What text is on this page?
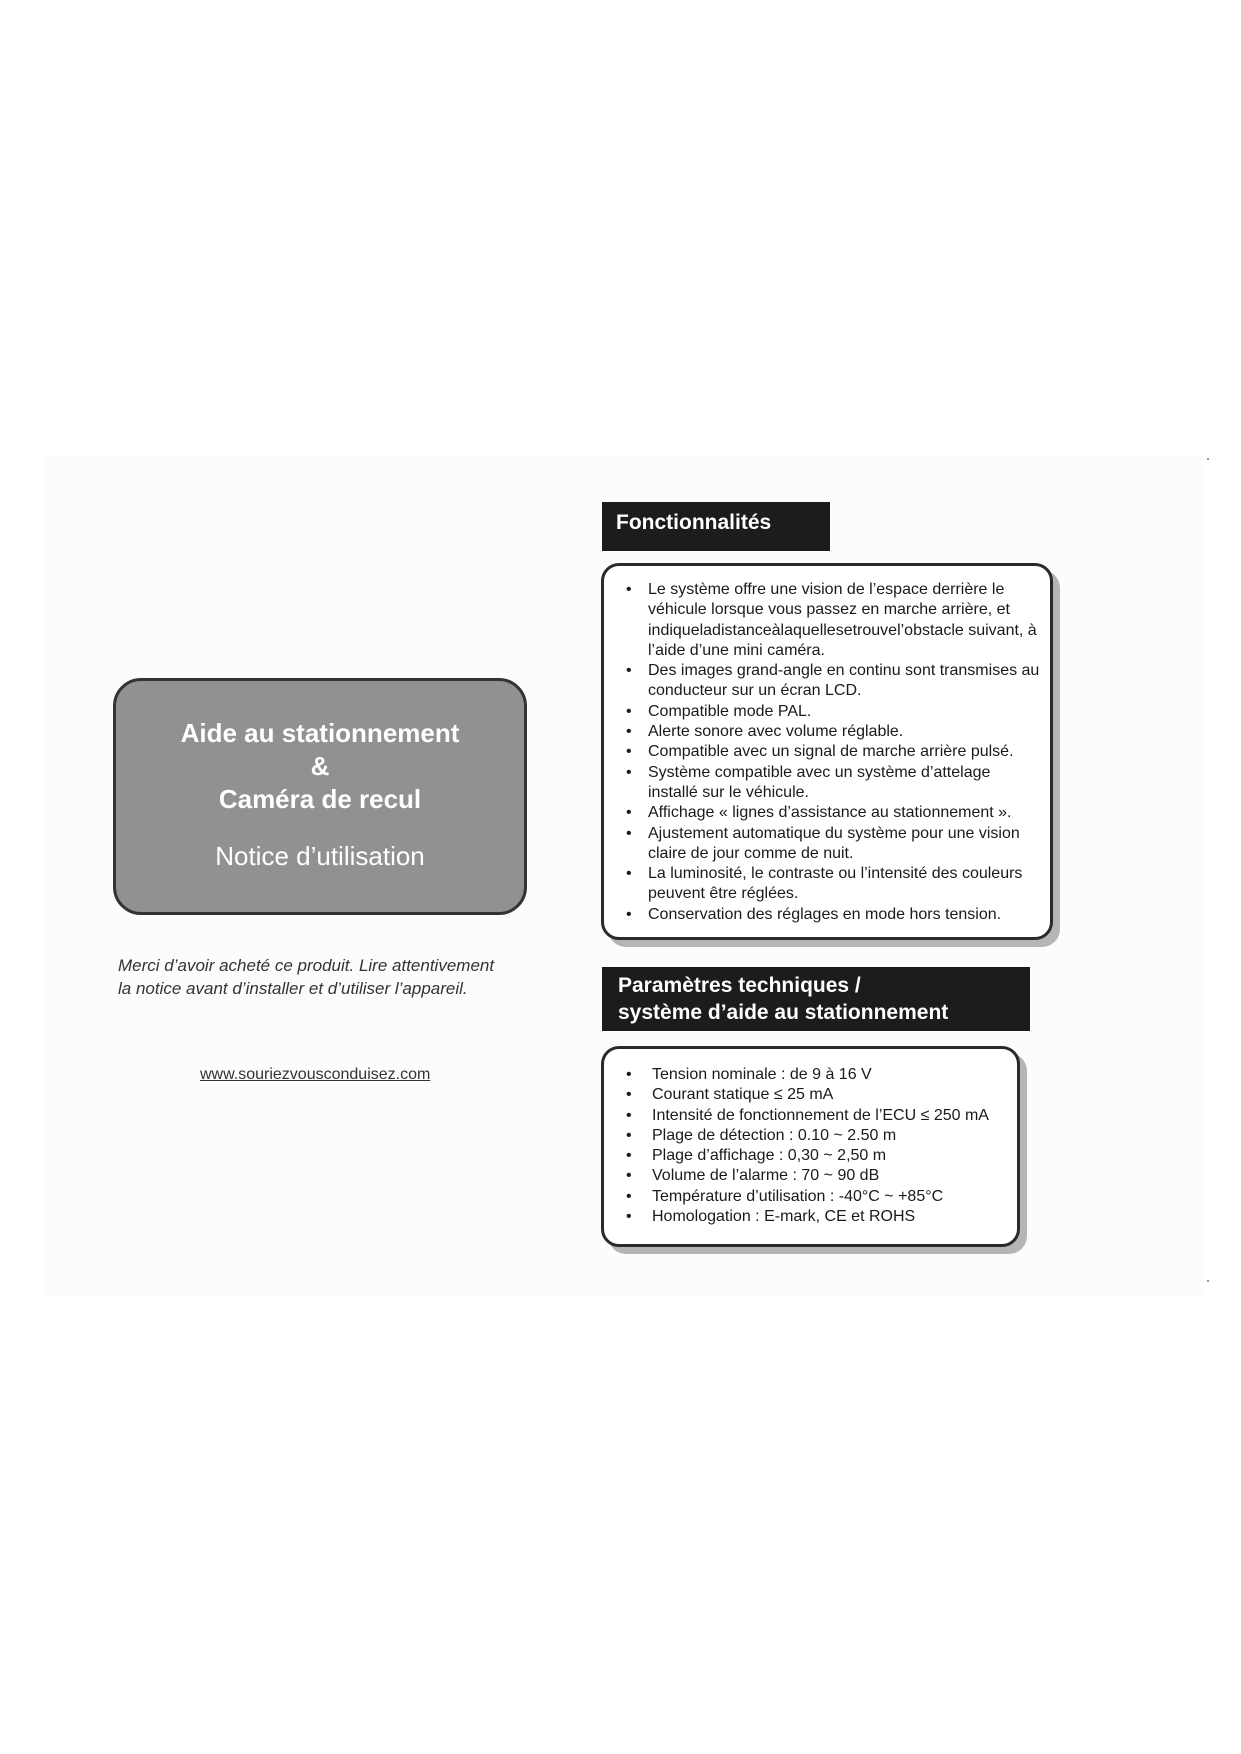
Aide au stationnement
&
Caméra de recul
Notice d’utilisation
Merci d’avoir acheté ce produit. Lire attentivement
la notice avant d’installer et d’utiliser l’appareil.
www.souriezvousconduisez.com
Fonctionnalités
• Le système offre une vision de l’espace derrière le véhicule lorsque vous passez en marche arrière, et indiqueladistanceàlaquellesetrouvel’obstacle suivant, à l’aide d’une mini caméra.
• Des images grand-angle en continu sont transmises au conducteur sur un écran LCD.
• Compatible mode PAL.
• Alerte sonore avec volume réglable.
• Compatible avec un signal de marche arrière pulsé.
• Système compatible avec un système d’attelage installé sur le véhicule.
• Affichage « lignes d’assistance au stationnement ».
• Ajustement automatique du système pour une vision claire de jour comme de nuit.
• La luminosité, le contraste ou l’intensité des couleurs peuvent être réglées.
• Conservation des réglages en mode hors tension.
Paramètres techniques /
système d’aide au stationnement
• Tension nominale : de 9 à 16 V
• Courant statique ≤ 25 mA
• Intensité de fonctionnement de l’ECU ≤ 250 mA
• Plage de détection : 0.10 ~ 2.50 m
• Plage d’affichage : 0,30 ~ 2,50 m
• Volume de l’alarme : 70 ~ 90 dB
• Température d’utilisation : -40°C ~ +85°C
• Homologation : E-mark, CE et ROHS
